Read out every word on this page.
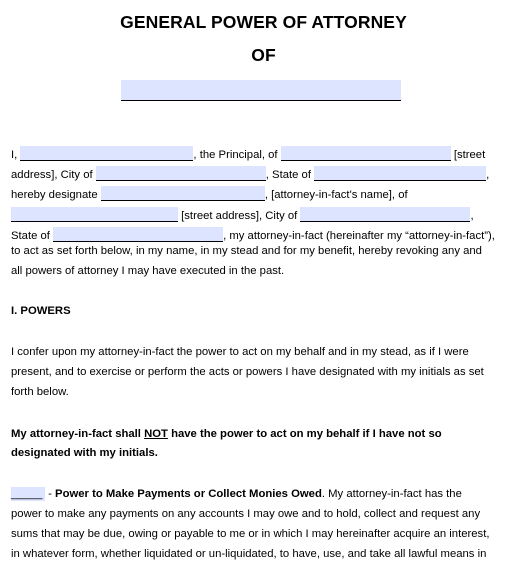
GENERAL POWER OF ATTORNEY
OF
I,	, the Principal, of	[street
address], City of	, State of	,
hereby designate	, [attorney-in-fact's name], of
[street address], City of	,
State of	, my attorney-in-fact (hereinafter my “attorney-in-fact”),
to act as set forth below, in my name, in my stead and for my benefit, hereby revoking any and
all powers of attorney I may have executed in the past.
I. POWERS
I confer upon my attorney-in-fact the power to act on my behalf and in my stead, as if I were
present, and to exercise or perform the acts or powers I have designated with my initials as set
forth below.
My attorney-in-fact shall NOT have the power to act on my behalf if I have not so
designated with my initials.
_____ - Power to Make Payments or Collect Monies Owed. My attorney-in-fact has the
power to make any payments on any accounts I may owe and to hold, collect and request any
sums that may be due, owing or payable to me or in which I may hereinafter acquire an interest,
in whatever form, whether liquidated or un-liquidated, to have, use, and take all lawful means in
